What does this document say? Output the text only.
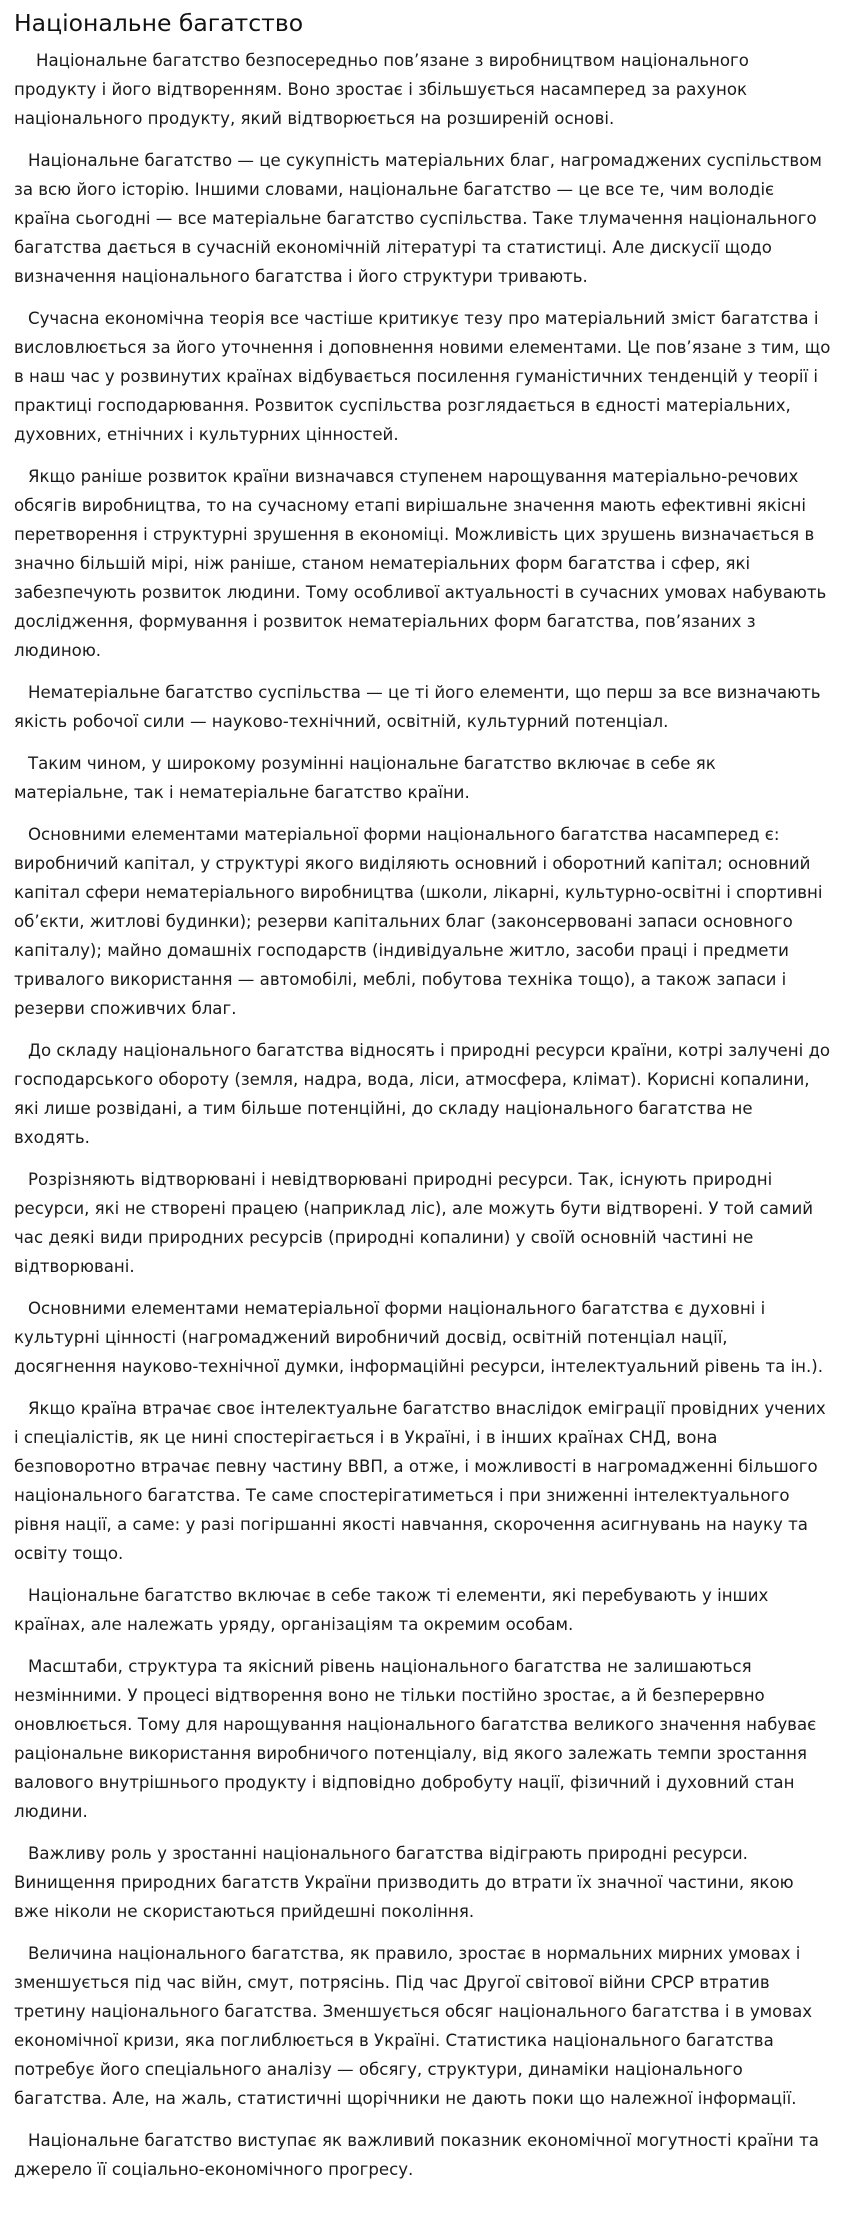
Національне багатство

Національне багатство безпосередньо пов’язане з виробництвом національного продукту і його відтворенням. Воно зростає і збільшується насамперед за рахунок національного продукту, який відтворюється на розширеній основі.

Національне багатство — це сукупність матеріальних благ, нагромаджених суспільством за всю його історію. Іншими словами, національне багатство — це все те, чим володіє країна сьогодні — все матеріальне багатство суспільства. Таке тлумачення національного багатства дається в сучасній економічній літературі та статистиці. Але дискусії щодо визначення національного багатства і його структури тривають.

Сучасна економічна теорія все частіше критикує тезу про матеріальний зміст багатства і висловлюється за його уточнення і доповнення новими елементами. Це пов’язане з тим, що в наш час у розвинутих країнах відбувається посилення гуманістичних тенденцій у теорії і практиці господарювання. Розвиток суспільства розглядається в єдності матеріальних, духовних, етнічних і культурних цінностей.

Якщо раніше розвиток країни визначався ступенем нарощування матеріально-речових обсягів виробництва, то на сучасному етапі вирішальне значення мають ефективні якісні перетворення і структурні зрушення в економіці. Можливість цих зрушень визначається в значно більшій мірі, ніж раніше, станом нематеріальних форм багатства і сфер, які забезпечують розвиток людини. Тому особливої актуальності в сучасних умовах набувають дослідження, формування і розвиток нематеріальних форм багатства, пов’язаних з людиною.

Нематеріальне багатство суспільства — це ті його елементи, що перш за все визначають якість робочої сили — науково-технічний, освітній, культурний потенціал.

Таким чином, у широкому розумінні національне багатство включає в себе як матеріальне, так і нематеріальне багатство країни.

Основними елементами матеріальної форми національного багатства насамперед є: виробничий капітал, у структурі якого виділяють основний і оборотний капітал; основний капітал сфери нематеріального виробництва (школи, лікарні, культурно-освітні і спортивні об’єкти, житлові будинки); резерви капітальних благ (законсервовані запаси основного капіталу); майно домашніх господарств (індивідуальне житло, засоби праці і предмети тривалого використання — автомобілі, меблі, побутова техніка тощо), а також запаси і резерви споживчих благ.

До складу національного багатства відносять і природні ресурси країни, котрі залучені до господарського обороту (земля, надра, вода, ліси, атмосфера, клімат). Корисні копалини, які лише розвідані, а тим більше потенційні, до складу національного багатства не входять.

Розрізняють відтворювані і невідтворювані природні ресурси. Так, існують природні ресурси, які не створені працею (наприклад ліс), але можуть бути відтворені. У той самий час деякі види природних ресурсів (природні копалини) у своїй основній частині не відтворювані.

Основними елементами нематеріальної форми національного багатства є духовні і культурні цінності (нагромаджений виробничий досвід, освітній потенціал нації, досягнення науково-технічної думки, інформаційні ресурси, інтелектуальний рівень та ін.).

Якщо країна втрачає своє інтелектуальне багатство внаслідок еміграції провідних учених і спеціалістів, як це нині спостерігається і в Україні, і в інших країнах СНД, вона безповоротно втрачає певну частину ВВП, а отже, і можливості в нагромадженні більшого національного багатства. Те саме спостерігатиметься і при зниженні інтелектуального рівня нації, а саме: у разі погіршанні якості навчання, скорочення асигнувань на науку та освіту тощо.

Національне багатство включає в себе також ті елементи, які перебувають у інших країнах, але належать уряду, організаціям та окремим особам.

Масштаби, структура та якісний рівень національного багатства не залишаються незмінними. У процесі відтворення воно не тільки постійно зростає, а й безперервно оновлюється. Тому для нарощування національного багатства великого значення набуває раціональне використання виробничого потенціалу, від якого залежать темпи зростання валового внутрішнього продукту і відповідно добробуту нації, фізичний і духовний стан людини.

Важливу роль у зростанні національного багатства відіграють природні ресурси. Винищення природних багатств України призводить до втрати їх значної частини, якою вже ніколи не скористаються прийдешні покоління.

Величина національного багатства, як правило, зростає в нормальних мирних умовах і зменшується під час війн, смут, потрясінь. Під час Другої світової війни СРСР втратив третину національного багатства. Зменшується обсяг національного багатства і в умовах економічної кризи, яка поглиблюється в Україні. Статистика національного багатства потребує його спеціального аналізу — обсягу, структури, динаміки національного багатства. Але, на жаль, статистичні щорічники не дають поки що належної інформації.

Національне багатство виступає як важливий показник економічної могутності країни та джерело її соціально-економічного прогресу.
